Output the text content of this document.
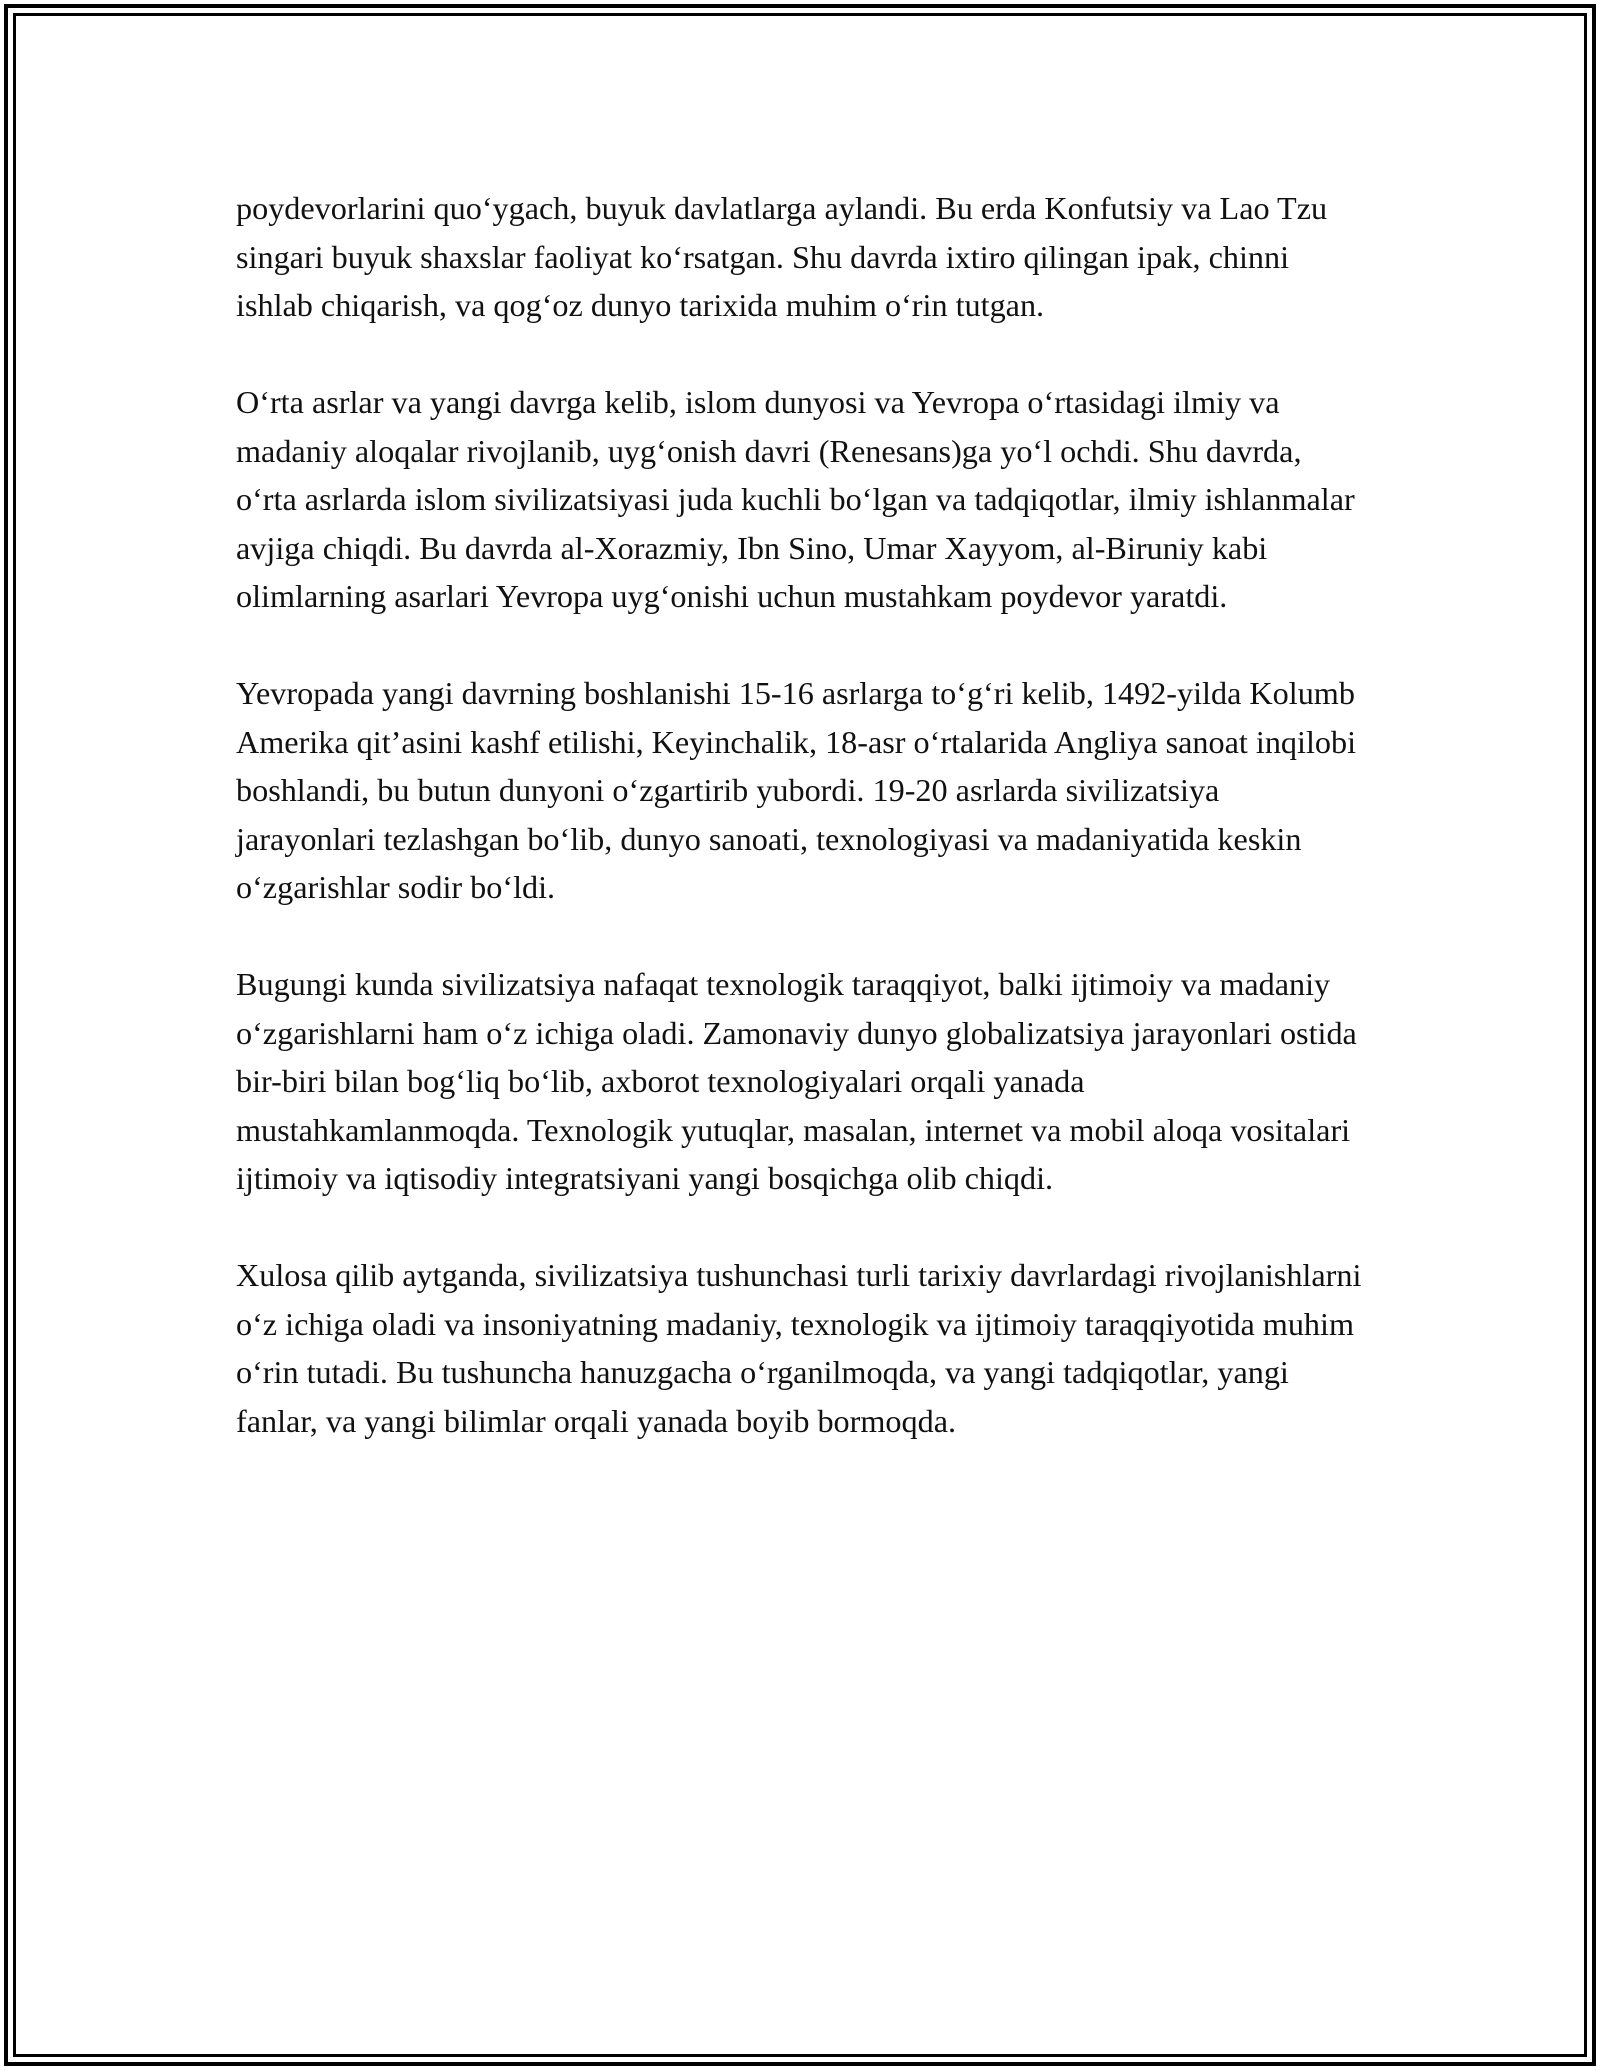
poydevorlarini quo‘ygach, buyuk davlatlarga aylandi. Bu erda Konfutsiy va Lao Tzu singari buyuk shaxslar faoliyat ko‘rsatgan. Shu davrda ixtiro qilingan ipak, chinni ishlab chiqarish, va qog‘oz dunyo tarixida muhim o‘rin tutgan.

O‘rta asrlar va yangi davrga kelib, islom dunyosi va Yevropa o‘rtasidagi ilmiy va madaniy aloqalar rivojlanib, uyg‘onish davri (Renesans)ga yo‘l ochdi. Shu davrda, o‘rta asrlarda islom sivilizatsiyasi juda kuchli bo‘lgan va tadqiqotlar, ilmiy ishlanmalar avjiga chiqdi. Bu davrda al-Xorazmiy, Ibn Sino, Umar Xayyom, al-Biruniy kabi olimlarning asarlari Yevropa uyg‘onishi uchun mustahkam poydevor yaratdi.

Yevropada yangi davrning boshlanishi 15-16 asrlarga to‘g‘ri kelib, 1492-yilda Kolumb Amerika qit’asini kashf etilishi, Keyinchalik, 18-asr o‘rtalarida Angliya sanoat inqilobi boshlandi, bu butun dunyoni o‘zgartirib yubordi. 19-20 asrlarda sivilizatsiya jarayonlari tezlashgan bo‘lib, dunyo sanoati, texnologiyasi va madaniyatida keskin o‘zgarishlar sodir bo‘ldi.

Bugungi kunda sivilizatsiya nafaqat texnologik taraqqiyot, balki ijtimoiy va madaniy o‘zgarishlarni ham o‘z ichiga oladi. Zamonaviy dunyo globalizatsiya jarayonlari ostida bir-biri bilan bog‘liq bo‘lib, axborot texnologiyalari orqali yanada mustahkamlanmoqda. Texnologik yutuqlar, masalan, internet va mobil aloqa vositalari ijtimoiy va iqtisodiy integratsiyani yangi bosqichga olib chiqdi.

Xulosa qilib aytganda, sivilizatsiya tushunchasi turli tarixiy davrlardagi rivojlanishlarni o‘z ichiga oladi va insoniyatning madaniy, texnologik va ijtimoiy taraqqiyotida muhim o‘rin tutadi. Bu tushuncha hanuzgacha o‘rganilmoqda, va yangi tadqiqotlar, yangi fanlar, va yangi bilimlar orqali yanada boyib bormoqda.
